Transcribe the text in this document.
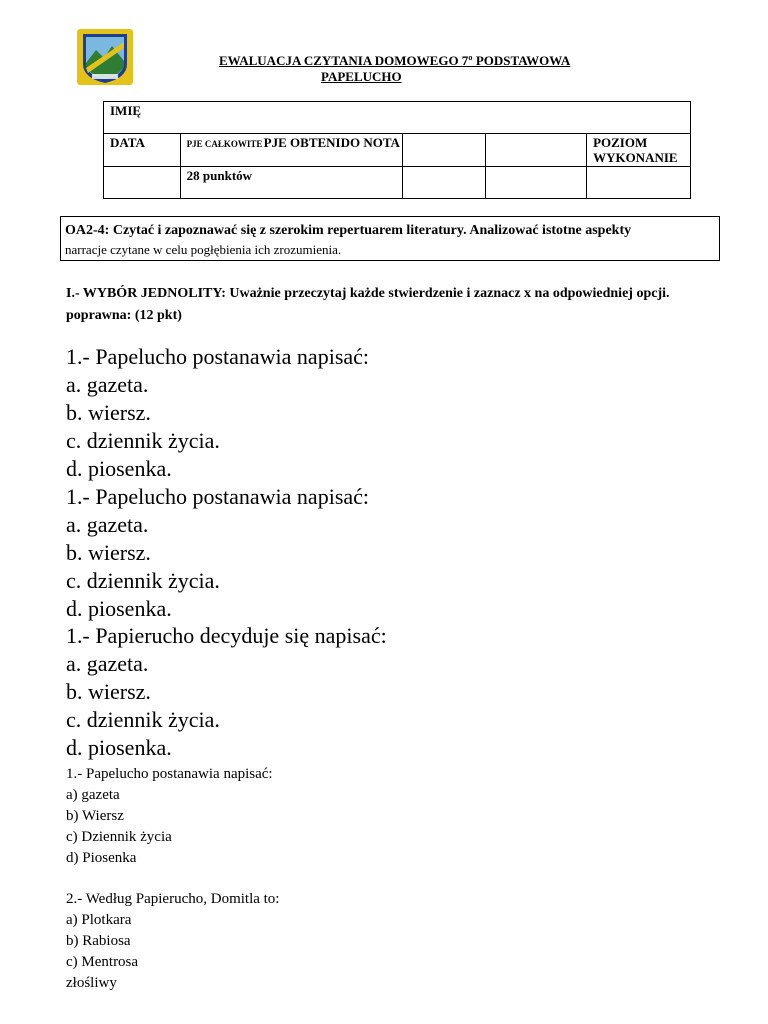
EWALUACJA CZYTANIA DOMOWEGO 7º PODSTAWOWA
PAPELUCHO
IMIĘ				
DATA	PJE CAŁKOWITE PJE OBTENIDO NOTA			POZIOM WYKONANIE
	28 punktów			
OA2-4: Czytać i zapoznawać się z szerokim repertuarem literatury. Analizować istotne aspekty
narracje czytane w celu pogłębienia ich zrozumienia.
I.- WYBÓR JEDNOLITY: Uważnie przeczytaj każde stwierdzenie i zaznacz x na odpowiedniej opcji.
poprawna: (12 pkt)
1.- Papelucho postanawia napisać:
a. gazeta.
b. wiersz.
c. dziennik życia.
d. piosenka.
1.- Papelucho postanawia napisać:
a. gazeta.
b. wiersz.
c. dziennik życia.
d. piosenka.
1.- Papierucho decyduje się napisać:
a. gazeta.
b. wiersz.
c. dziennik życia.
d. piosenka.
1.- Papelucho postanawia napisać:
a) gazeta
b) Wiersz
c) Dziennik życia
d) Piosenka
2.- Według Papierucho, Domitla to:
a) Plotkara
b) Rabiosa
c) Mentrosa
złośliwy
